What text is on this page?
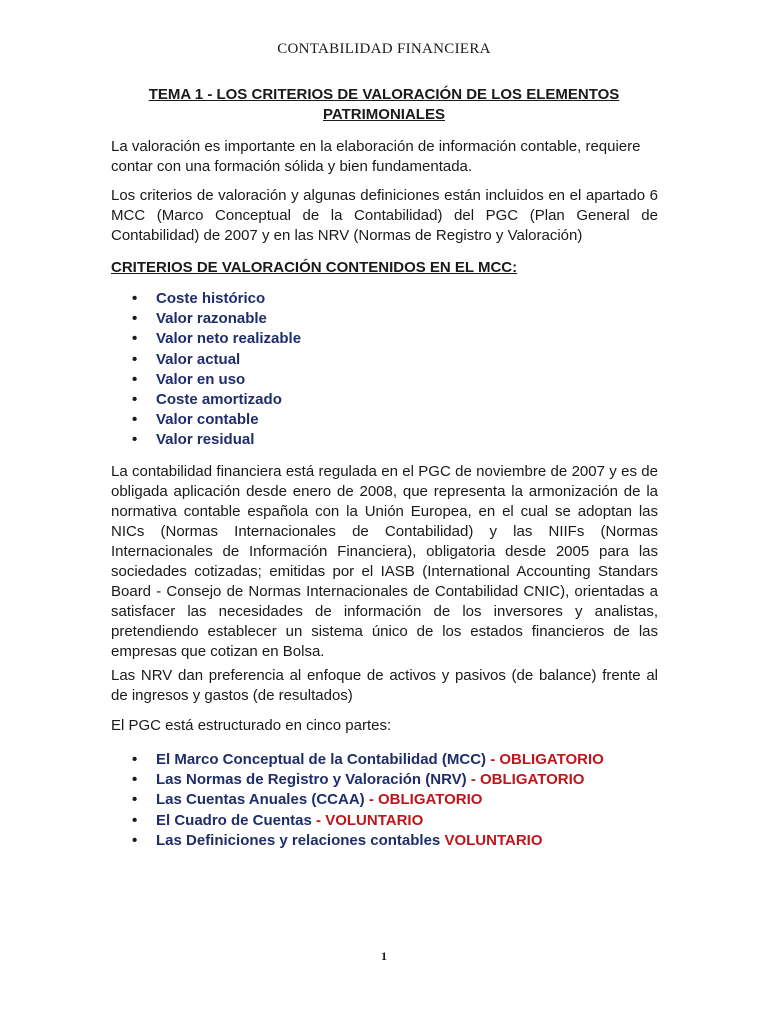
CONTABILIDAD FINANCIERA
TEMA 1 - LOS CRITERIOS DE VALORACIÓN DE LOS ELEMENTOS PATRIMONIALES

La valoración es importante en la elaboración de información contable, requiere contar con una formación sólida y bien fundamentada.

Los criterios de valoración y algunas definiciones están incluidos en el apartado 6 MCC (Marco Conceptual de la Contabilidad) del PGC (Plan General de Contabilidad) de 2007 y en las NRV (Normas de Registro y Valoración)

CRITERIOS DE VALORACIÓN CONTENIDOS EN EL MCC:
• Coste histórico
• Valor razonable
• Valor neto realizable
• Valor actual
• Valor en uso
• Coste amortizado
• Valor contable
• Valor residual

La contabilidad financiera está regulada en el PGC de noviembre de 2007 y es de obligada aplicación desde enero de 2008, que representa la armonización de la normativa contable española con la Unión Europea, en el cual se adoptan las NICs (Normas Internacionales de Contabilidad) y las NIIFs (Normas Internacionales de Información Financiera), obligatoria desde 2005 para las sociedades cotizadas; emitidas por el IASB (International Accounting Standars Board - Consejo de Normas Internacionales de Contabilidad CNIC), orientadas a satisfacer las necesidades de información de los inversores y analistas, pretendiendo establecer un sistema único de los estados financieros de las empresas que cotizan en Bolsa.

Las NRV dan preferencia al enfoque de activos y pasivos (de balance) frente al de ingresos y gastos (de resultados)

El PGC está estructurado en cinco partes:

• El Marco Conceptual de la Contabilidad (MCC) - OBLIGATORIO
• Las Normas de Registro y Valoración (NRV) - OBLIGATORIO
• Las Cuentas Anuales (CCAA) - OBLIGATORIO
• El Cuadro de Cuentas - VOLUNTARIO
• Las Definiciones y relaciones contables VOLUNTARIO
1
